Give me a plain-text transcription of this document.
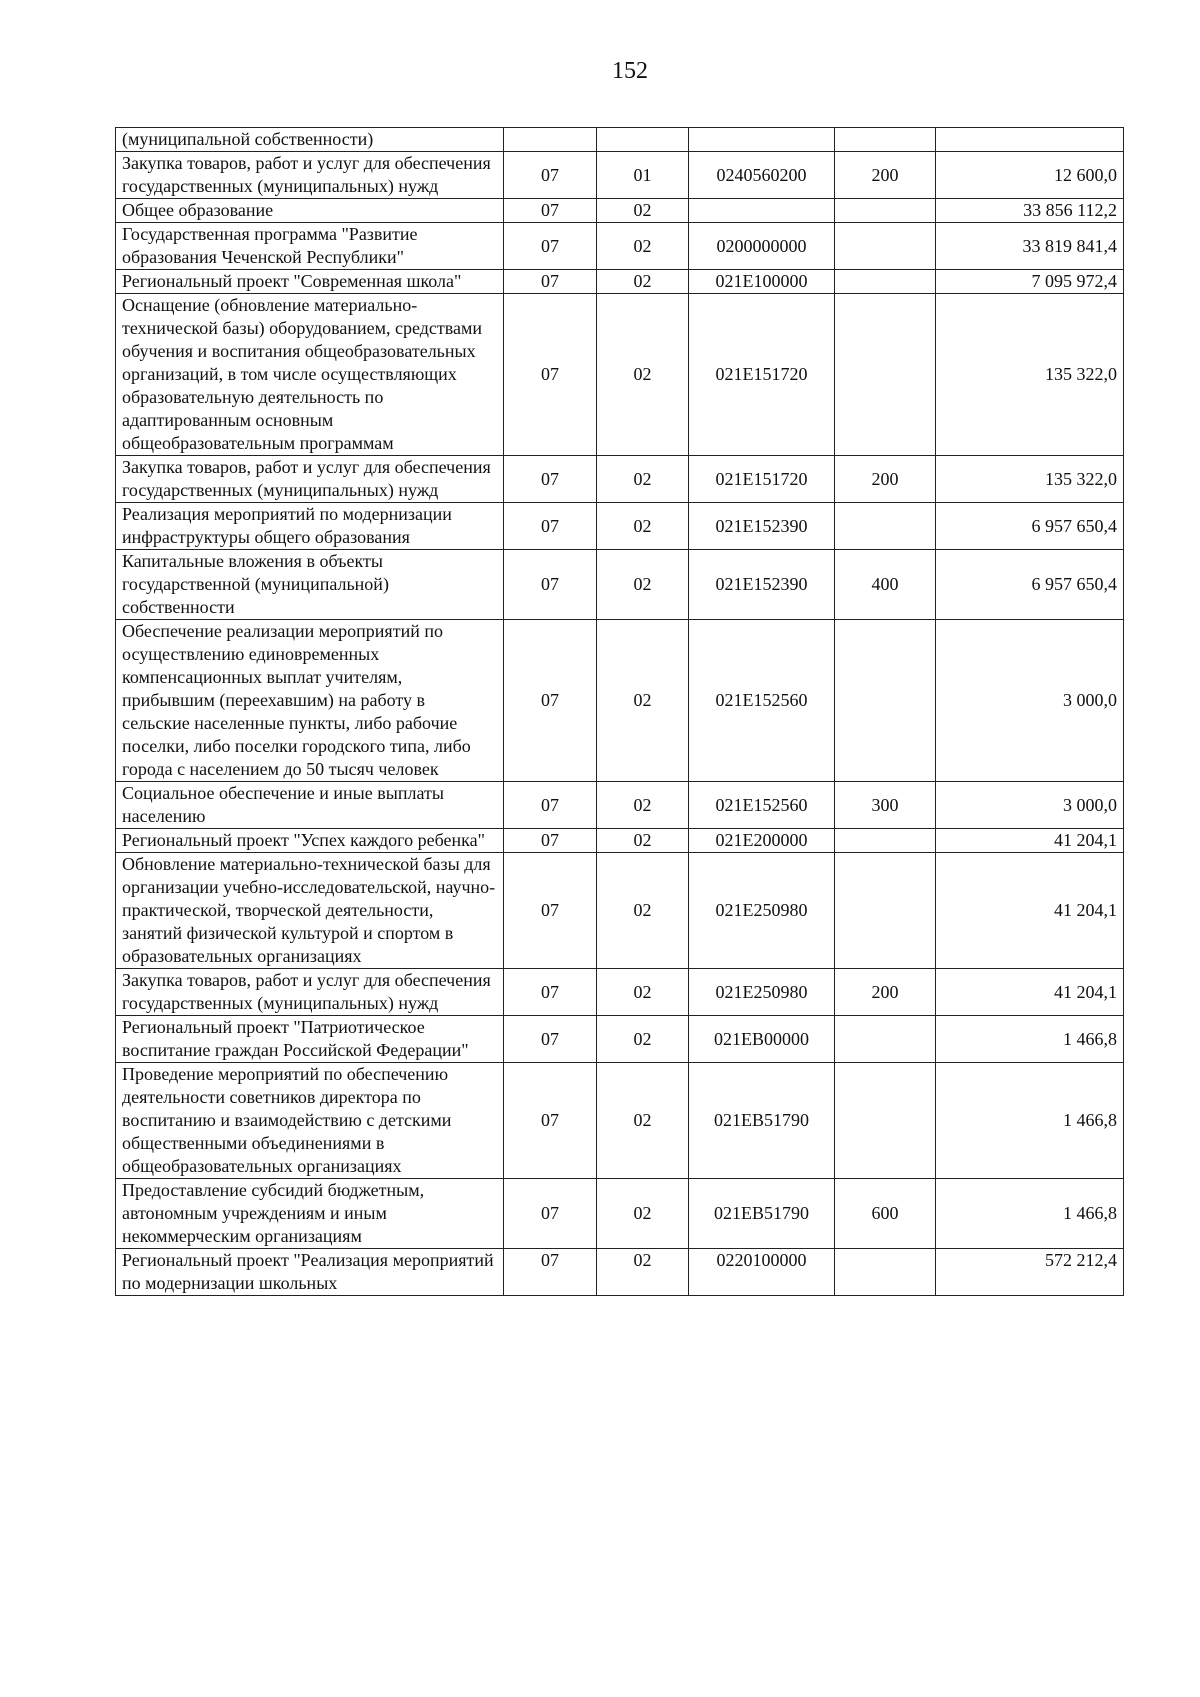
152
(муниципальной собственности)					
Закупка товаров, работ и услуг для обеспечения государственных (муниципальных) нужд	07	01	0240560200	200	12 600,0
Общее образование	07	02			33 856 112,2
Государственная программа "Развитие образования Чеченской Республики"	07	02	0200000000		33 819 841,4
Региональный проект "Современная школа"	07	02	021E100000		7 095 972,4
Оснащение (обновление материально-технической базы) оборудованием, средствами обучения и воспитания общеобразовательных организаций, в том числе осуществляющих образовательную деятельность по адаптированным основным общеобразовательным программам	07	02	021E151720		135 322,0
Закупка товаров, работ и услуг для обеспечения государственных (муниципальных) нужд	07	02	021E151720	200	135 322,0
Реализация мероприятий по модернизации инфраструктуры общего образования	07	02	021E152390		6 957 650,4
Капитальные вложения в объекты государственной (муниципальной) собственности	07	02	021E152390	400	6 957 650,4
Обеспечение реализации мероприятий по осуществлению единовременных компенсационных выплат учителям, прибывшим (переехавшим) на работу в сельские населенные пункты, либо рабочие поселки, либо поселки городского типа, либо города с населением до 50 тысяч человек	07	02	021E152560		3 000,0
Социальное обеспечение и иные выплаты населению	07	02	021E152560	300	3 000,0
Региональный проект "Успех каждого ребенка"	07	02	021E200000		41 204,1
Обновление материально-технической базы для организации учебно-исследовательской, научно-практической, творческой деятельности, занятий физической культурой и спортом в образовательных организациях	07	02	021E250980		41 204,1
Закупка товаров, работ и услуг для обеспечения государственных (муниципальных) нужд	07	02	021E250980	200	41 204,1
Региональный проект "Патриотическое воспитание граждан Российской Федерации"	07	02	021EB00000		1 466,8
Проведение мероприятий по обеспечению деятельности советников директора по воспитанию и взаимодействию с детскими общественными объединениями в общеобразовательных организациях	07	02	021EB51790		1 466,8
Предоставление субсидий бюджетным, автономным учреждениям и иным некоммерческим организациям	07	02	021EB51790	600	1 466,8
Региональный проект "Реализация мероприятий по модернизации школьных	07	02	0220100000		572 212,4
